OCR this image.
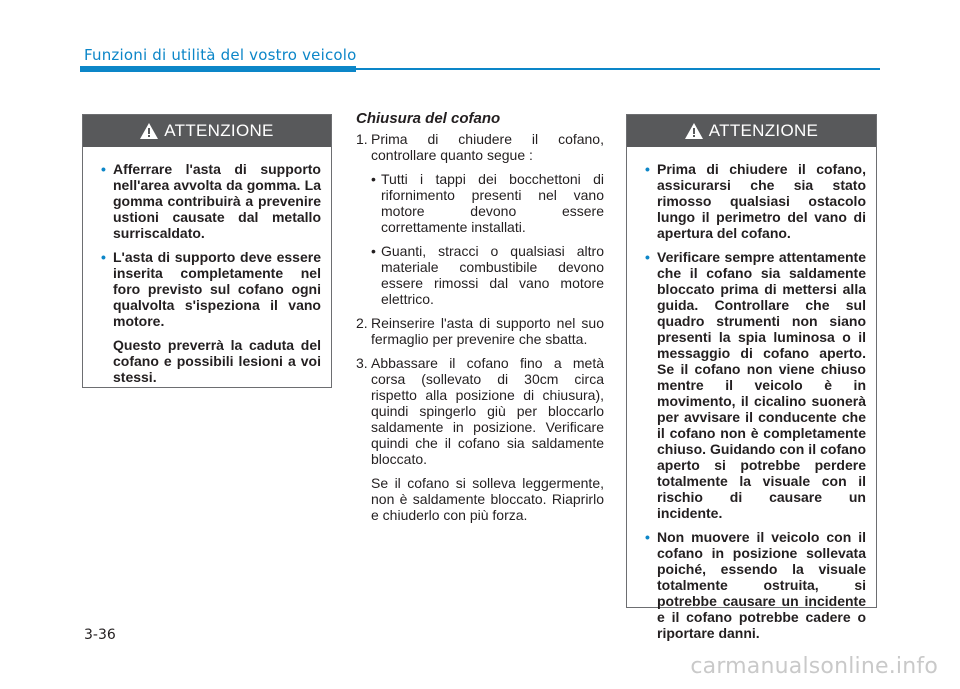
Funzioni di utilità del vostro veicolo
ATTENZIONE
• Afferrare l'asta di supporto nell'area avvolta da gomma. La gomma contribuirà a prevenire ustioni causate dal metallo surriscaldato.

• L'asta di supporto deve essere inserita completamente nel foro previsto sul cofano ogni qualvolta s'ispeziona il vano motore.

Questo preverrà la caduta del cofano e possibili lesioni a voi stessi.

Chiusura del cofano
1. Prima di chiudere il cofano, controllare quanto segue :

• Tutti i tappi dei bocchettoni di rifornimento presenti nel vano motore devono essere correttamente installati.
• Guanti, stracci o qualsiasi altro materiale combustibile devono essere rimossi dal vano motore elettrico.
2. Reinserire l'asta di supporto nel suo fermaglio per prevenire che sbatta.

3. Abbassare il cofano fino a metà corsa (sollevato di 30cm circa rispetto alla posizione di chiusura), quindi spingerlo giù per bloccarlo saldamente in posizione. Verificare quindi che il cofano sia saldamente bloccato.

Se il cofano si solleva leggermente, non è saldamente bloccato. Riaprirlo e chiuderlo con più forza.

ATTENZIONE
• Prima di chiudere il cofano, assicurarsi che sia stato rimosso qualsiasi ostacolo lungo il perimetro del vano di apertura del cofano.

• Verificare sempre attentamente che il cofano sia saldamente bloccato prima di mettersi alla guida. Controllare che sul quadro strumenti non siano presenti la spia luminosa o il messaggio di cofano aperto. Se il cofano non viene chiuso mentre il veicolo è in movimento, il cicalino suonerà per avvisare il conducente che il cofano non è completamente chiuso. Guidando con il cofano aperto si potrebbe perdere totalmente la visuale con il rischio di causare un incidente.

• Non muovere il veicolo con il cofano in posizione sollevata poiché, essendo la visuale totalmente ostruita, si potrebbe causare un incidente e il cofano potrebbe cadere o riportare danni.

3-36
carmanualsonline.info
